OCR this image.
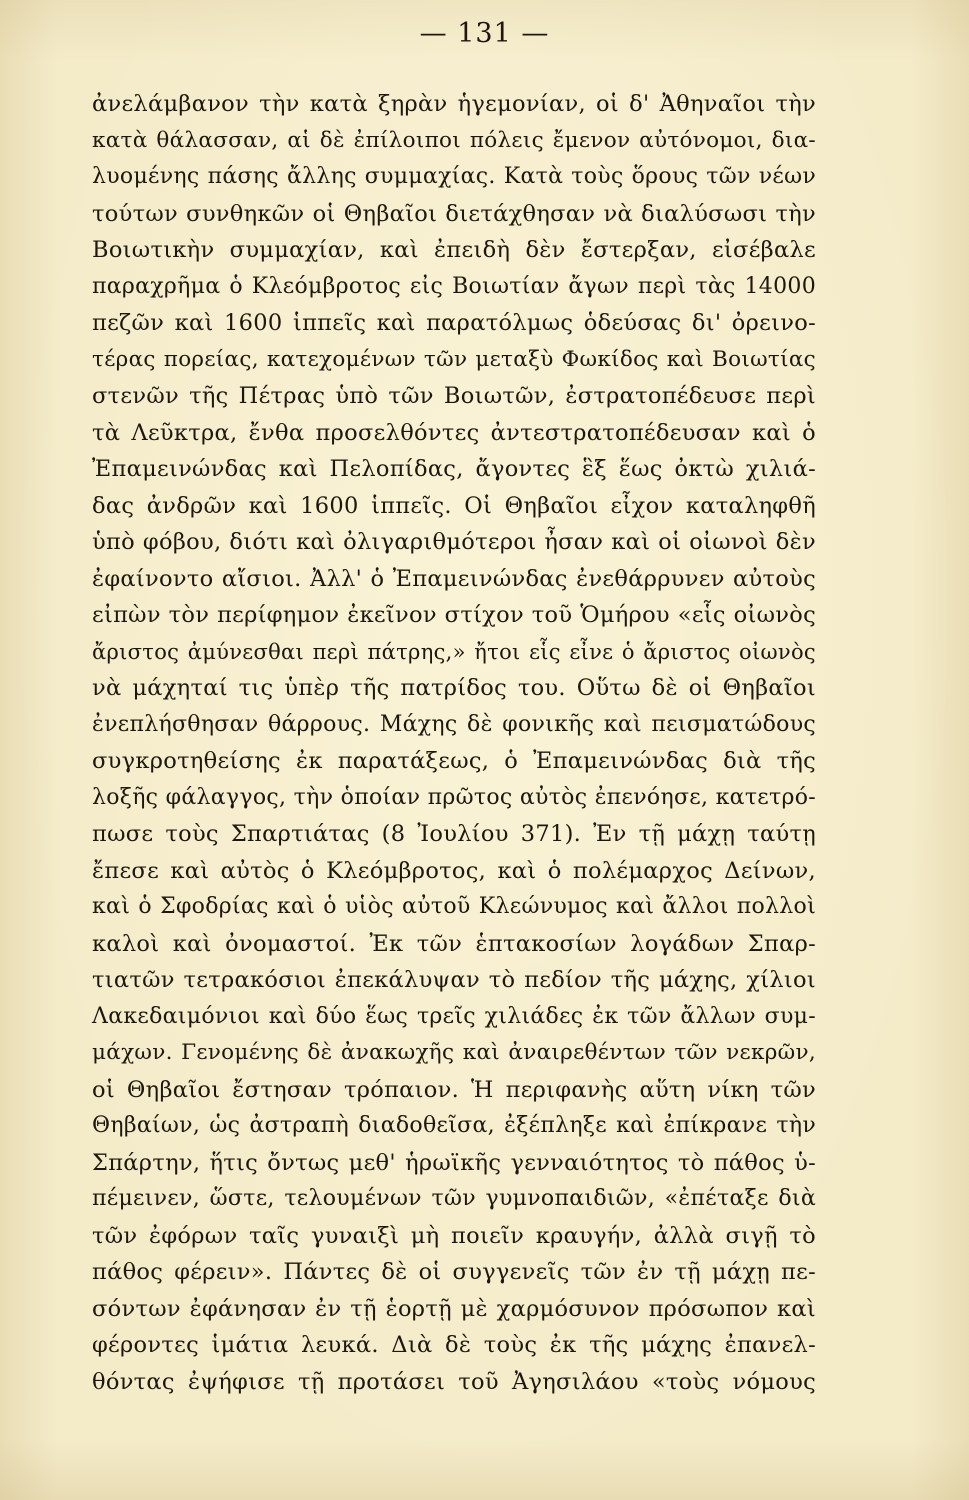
— 131 —
ἀνελάμβανον τὴν κατὰ ξηρὰν ἡγεμονίαν, οἱ δ' Ἀθηναῖοι τὴν
κατὰ θάλασσαν, αἱ δὲ ἐπίλοιποι πόλεις ἔμενον αὐτόνομοι, δια-
λυομένης πάσης ἄλλης συμμαχίας. Κατὰ τοὺς ὅρους τῶν νέων
τούτων συνθηκῶν οἱ Θηβαῖοι διετάχθησαν νὰ διαλύσωσι τὴν
Βοιωτικὴν συμμαχίαν, καὶ ἐπειδὴ δὲν ἔστερξαν, εἰσέβαλε
παραχρῆμα ὁ Κλεόμβροτος εἰς Βοιωτίαν ἄγων περὶ τὰς 14000
πεζῶν καὶ 1600 ἱππεῖς καὶ παρατόλμως ὁδεύσας δι' ὀρεινο-
τέρας πορείας, κατεχομένων τῶν μεταξὺ Φωκίδος καὶ Βοιωτίας
στενῶν τῆς Πέτρας ὑπὸ τῶν Βοιωτῶν, ἐστρατοπέδευσε περὶ
τὰ Λεῦκτρα, ἔνθα προσελθόντες ἀντεστρατοπέδευσαν καὶ ὁ
Ἐπαμεινώνδας καὶ Πελοπίδας, ἄγοντες ἓξ ἕως ὀκτὼ χιλιά-
δας ἀνδρῶν καὶ 1600 ἱππεῖς. Οἱ Θηβαῖοι εἶχον καταληφθῆ
ὑπὸ φόβου, διότι καὶ ὀλιγαριθμότεροι ἦσαν καὶ οἱ οἰωνοὶ δὲν
ἐφαίνοντο αἴσιοι. Ἀλλ' ὁ Ἐπαμεινώνδας ἐνεθάρρυνεν αὐτοὺς
εἰπὼν τὸν περίφημον ἐκεῖνον στίχον τοῦ Ὁμήρου «εἷς οἰωνὸς
ἄριστος ἀμύνεσθαι περὶ πάτρης,» ἤτοι εἷς εἶνε ὁ ἄριστος οἰωνὸς
νὰ μάχηταί τις ὑπὲρ τῆς πατρίδος του. Οὕτω δὲ οἱ Θηβαῖοι
ἐνεπλήσθησαν θάρρους. Μάχης δὲ φονικῆς καὶ πεισματώδους
συγκροτηθείσης ἐκ παρατάξεως, ὁ Ἐπαμεινώνδας διὰ τῆς
λοξῆς φάλαγγος, τὴν ὁποίαν πρῶτος αὐτὸς ἐπενόησε, κατετρό-
πωσε τοὺς Σπαρτιάτας (8 Ἰουλίου 371). Ἐν τῇ μάχῃ ταύτῃ
ἔπεσε καὶ αὐτὸς ὁ Κλεόμβροτος, καὶ ὁ πολέμαρχος Δείνων,
καὶ ὁ Σφοδρίας καὶ ὁ υἱὸς αὐτοῦ Κλεώνυμος καὶ ἄλλοι πολλοὶ
καλοὶ καὶ ὀνομαστοί. Ἐκ τῶν ἑπτακοσίων λογάδων Σπαρ-
τιατῶν τετρακόσιοι ἐπεκάλυψαν τὸ πεδίον τῆς μάχης, χίλιοι
Λακεδαιμόνιοι καὶ δύο ἕως τρεῖς χιλιάδες ἐκ τῶν ἄλλων συμ-
μάχων. Γενομένης δὲ ἀνακωχῆς καὶ ἀναιρεθέντων τῶν νεκρῶν,
οἱ Θηβαῖοι ἔστησαν τρόπαιον. Ἡ περιφανὴς αὕτη νίκη τῶν
Θηβαίων, ὡς ἀστραπὴ διαδοθεῖσα, ἐξέπληξε καὶ ἐπίκρανε τὴν
Σπάρτην, ἥτις ὄντως μεθ' ἡρωϊκῆς γενναιότητος τὸ πάθος ὑ-
πέμεινεν, ὥστε, τελουμένων τῶν γυμνοπαιδιῶν, «ἐπέταξε διὰ
τῶν ἐφόρων ταῖς γυναιξὶ μὴ ποιεῖν κραυγήν, ἀλλὰ σιγῇ τὸ
πάθος φέρειν». Πάντες δὲ οἱ συγγενεῖς τῶν ἐν τῇ μάχῃ πε-
σόντων ἐφάνησαν ἐν τῇ ἑορτῇ μὲ χαρμόσυνον πρόσωπον καὶ
φέροντες ἱμάτια λευκά. Διὰ δὲ τοὺς ἐκ τῆς μάχης ἐπανελ-
θόντας ἐψήφισε τῇ προτάσει τοῦ Ἀγησιλάου «τοὺς νόμους
